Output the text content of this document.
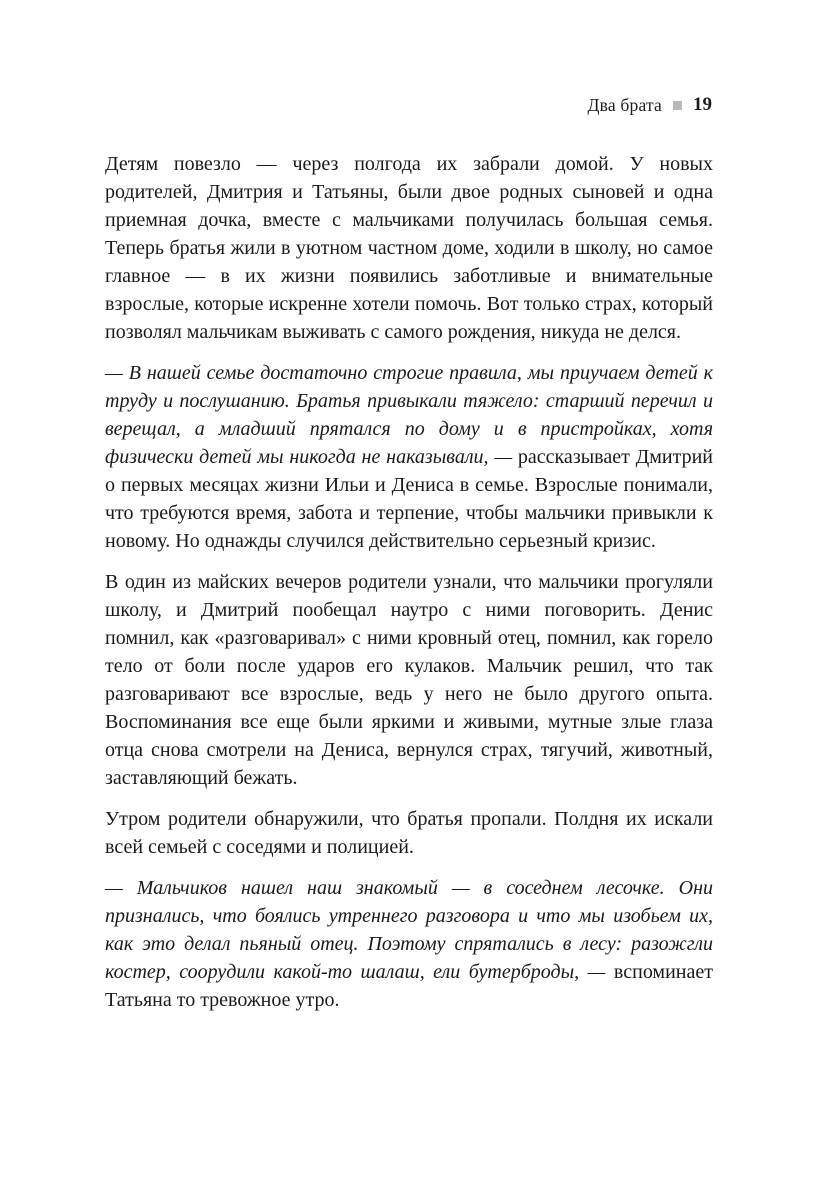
Два брата 19

Детям повезло — через полгода их забрали домой. У новых родителей, Дмитрия и Татьяны, были двое родных сыновей и одна приемная дочка, вместе с мальчиками получилась большая семья. Теперь братья жили в уютном частном доме, ходили в школу, но самое главное — в их жизни появились заботливые и внимательные взрослые, которые искренне хотели помочь. Вот только страх, который позволял мальчикам выживать с самого рождения, никуда не делся.

— В нашей семье достаточно строгие правила, мы приучаем детей к труду и послушанию. Братья привыкали тяжело: старший перечил и верещал, а младший прятался по дому и в пристройках, хотя физически детей мы никогда не наказывали, — рассказывает Дмитрий о первых месяцах жизни Ильи и Дениса в семье. Взрослые понимали, что требуются время, забота и терпение, чтобы мальчики привыкли к новому. Но однажды случился действительно серьезный кризис.

В один из майских вечеров родители узнали, что мальчики прогуляли школу, и Дмитрий пообещал наутро с ними поговорить. Денис помнил, как «разговаривал» с ними кровный отец, помнил, как горело тело от боли после ударов его кулаков. Мальчик решил, что так разговаривают все взрослые, ведь у него не было другого опыта. Воспоминания все еще были яркими и живыми, мутные злые глаза отца снова смотрели на Дениса, вернулся страх, тягучий, животный, заставляющий бежать.

Утром родители обнаружили, что братья пропали. Полдня их искали всей семьей с соседями и полицией.

— Мальчиков нашел наш знакомый — в соседнем лесочке. Они признались, что боялись утреннего разговора и что мы изобьем их, как это делал пьяный отец. Поэтому спрятались в лесу: разожгли костер, соорудили какой-то шалаш, ели бутерброды, — вспоминает Татьяна то тревожное утро.
